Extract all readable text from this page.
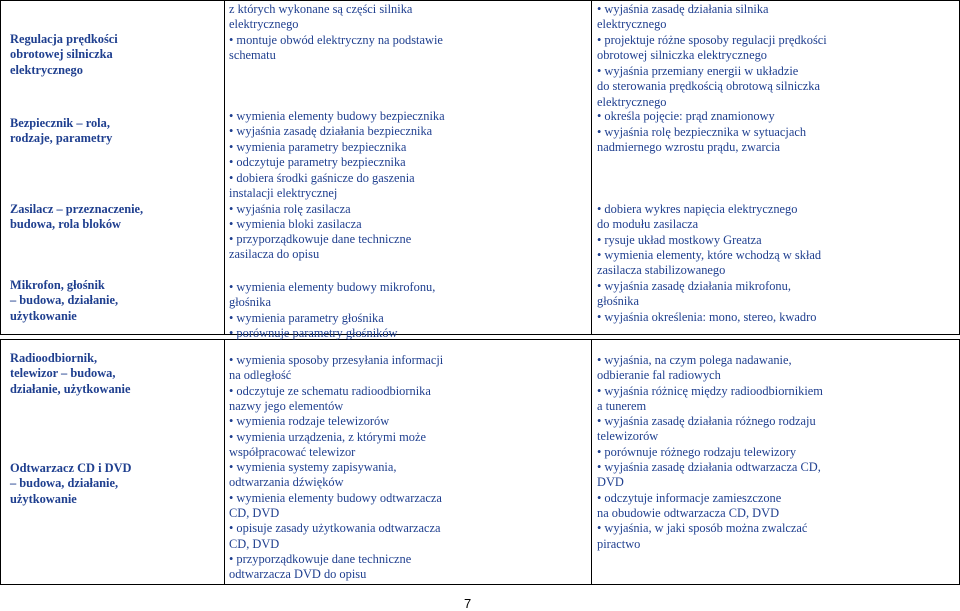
Regulacja prędkości
obrotowej silniczka
elektrycznego
Bezpiecznik – rola,
rodzaje, parametry
Zasilacz – przeznaczenie,
budowa, rola bloków
Mikrofon, głośnik
– budowa, działanie,
użytkowanie
z których wykonane są części silnika
elektrycznego
• montuje obwód elektryczny na podstawie
schematu
• wymienia elementy budowy bezpiecznika
• wyjaśnia zasadę działania bezpiecznika
• wymienia parametry bezpiecznika
• odczytuje parametry bezpiecznika
• dobiera środki gaśnicze do gaszenia
instalacji elektrycznej
• wyjaśnia rolę zasilacza
• wymienia bloki zasilacza
• przyporządkowuje dane techniczne
zasilacza do opisu
• wymienia elementy budowy mikrofonu,
głośnika
• wymienia parametry głośnika
• porównuje parametry głośników
• wyjaśnia zasadę działania silnika
elektrycznego
• projektuje różne sposoby regulacji prędkości
obrotowej silniczka elektrycznego
• wyjaśnia przemiany energii w układzie
do sterowania prędkością obrotową silniczka
elektrycznego
• określa pojęcie: prąd znamionowy
• wyjaśnia rolę bezpiecznika w sytuacjach
nadmiernego wzrostu prądu, zwarcia
• dobiera wykres napięcia elektrycznego
do modułu zasilacza
• rysuje układ mostkowy Greatza
• wymienia elementy, które wchodzą w skład
zasilacza stabilizowanego
• wyjaśnia zasadę działania mikrofonu,
głośnika
• wyjaśnia określenia: mono, stereo, kwadro
Radioodbiornik,
telewizor – budowa,
działanie, użytkowanie
Odtwarzacz CD i DVD
– budowa, działanie,
użytkowanie
• wymienia sposoby przesyłania informacji
na odległość
• odczytuje ze schematu radioodbiornika
nazwy jego elementów
• wymienia rodzaje telewizorów
• wymienia urządzenia, z którymi może
współpracować telewizor
• wymienia systemy zapisywania,
odtwarzania dźwięków
• wymienia elementy budowy odtwarzacza
CD, DVD
• opisuje zasady użytkowania odtwarzacza
CD, DVD
• przyporządkowuje dane techniczne
odtwarzacza DVD do opisu
• wyjaśnia, na czym polega nadawanie,
odbieranie fal radiowych
• wyjaśnia różnicę między radioodbiornikiem
a tunerem
• wyjaśnia zasadę działania różnego rodzaju
telewizorów
• porównuje różnego rodzaju telewizory
• wyjaśnia zasadę działania odtwarzacza CD,
DVD
• odczytuje informacje zamieszczone
na obudowie odtwarzacza CD, DVD
• wyjaśnia, w jaki sposób można zwalczać
piractwo
7
